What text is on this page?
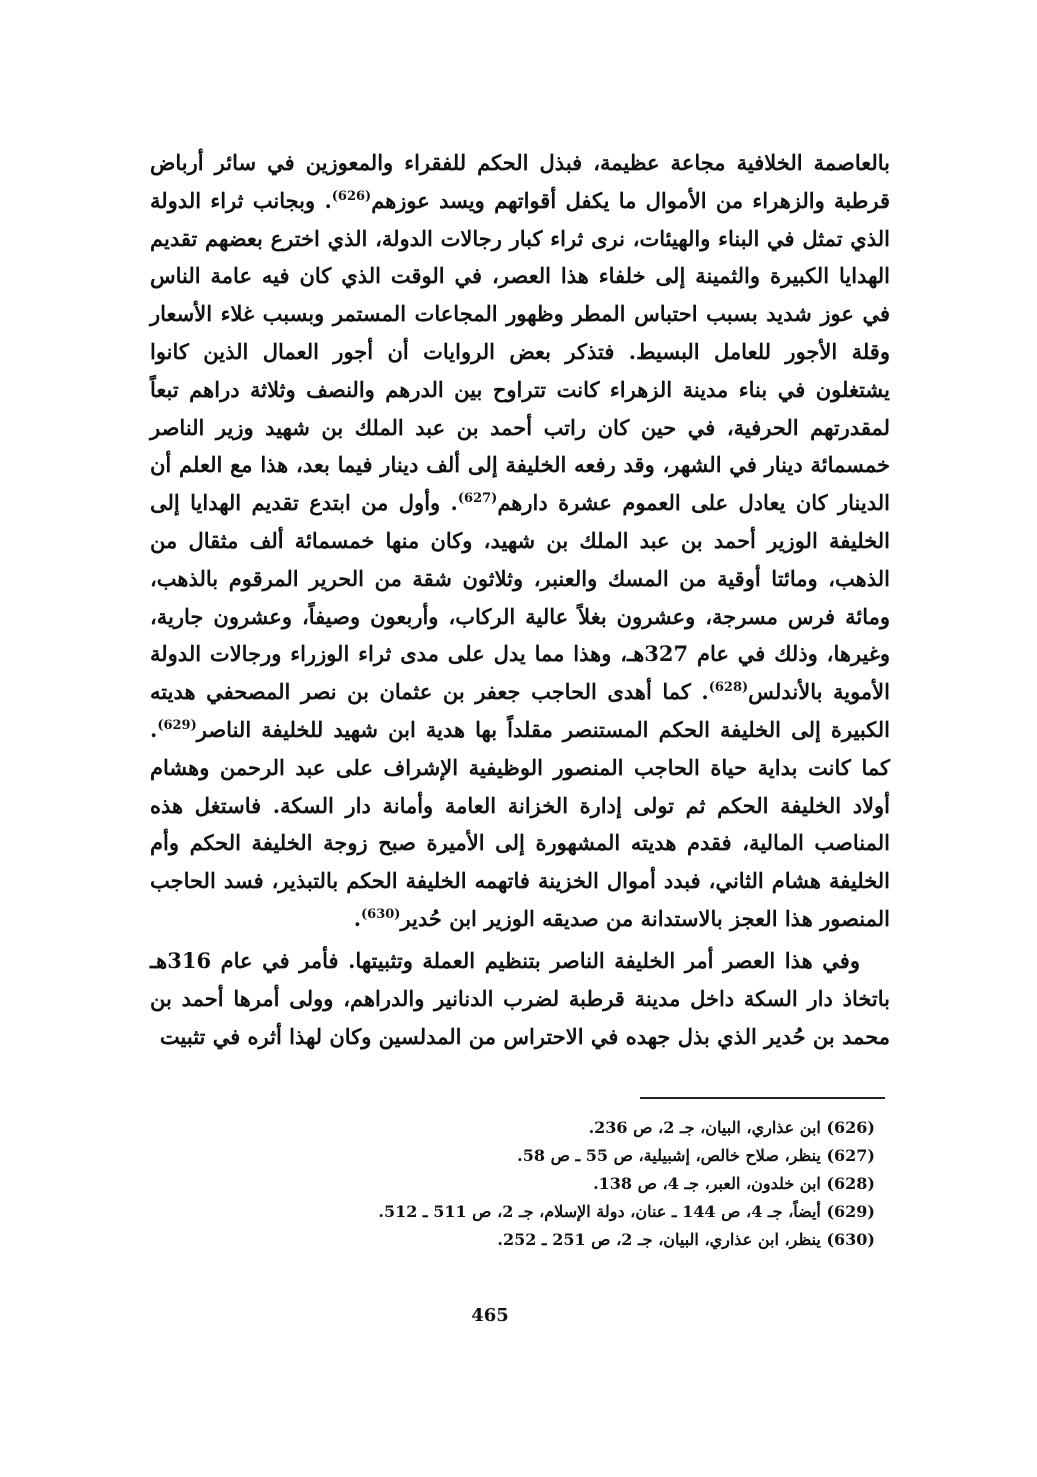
بالعاصمة الخلافية مجاعة عظيمة، فبذل الحكم للفقراء والمعوزين في سائر أرباض قرطبة والزهراء من الأموال ما يكفل أقواتهم ويسد عوزهم$^{(626)}$. وبجانب ثراء الدولة الذي تمثل في البناء والهيئات، نرى ثراء كبار رجالات الدولة، الذي اخترع بعضهم تقديم الهدايا الكبيرة والثمينة إلى خلفاء هذا العصر، في الوقت الذي كان فيه عامة الناس في عوز شديد بسبب احتباس المطر وظهور المجاعات المستمر وبسبب غلاء الأسعار وقلة الأجور للعامل البسيط. فتذكر بعض الروايات أن أجور العمال الذين كانوا يشتغلون في بناء مدينة الزهراء كانت تتراوح بين الدرهم والنصف وثلاثة دراهم تبعاً لمقدرتهم الحرفية، في حين كان راتب أحمد بن عبد الملك بن شهيد وزير الناصر خمسمائة دينار في الشهر، وقد رفعه الخليفة إلى ألف دينار فيما بعد، هذا مع العلم أن الدينار كان يعادل على العموم عشرة دارهم$^{(627)}$. وأول من ابتدع تقديم الهدايا إلى الخليفة الوزير أحمد بن عبد الملك بن شهيد، وكان منها خمسمائة ألف مثقال من الذهب، ومائتا أوقية من المسك والعنبر، وثلاثون شقة من الحرير المرقوم بالذهب، ومائة فرس مسرجة، وعشرون بغلاً عالية الركاب، وأربعون وصيفاً، وعشرون جارية، وغيرها، وذلك في عام 327هـ، وهذا مما يدل على مدى ثراء الوزراء ورجالات الدولة الأموية بالأندلس$^{(628)}$. كما أهدى الحاجب جعفر بن عثمان بن نصر المصحفي هديته الكبيرة إلى الخليفة الحكم المستنصر مقلداً بها هدية ابن شهيد للخليفة الناصر$^{(629)}$. كما كانت بداية حياة الحاجب المنصور الوظيفية الإشراف على عبد الرحمن وهشام أولاد الخليفة الحكم ثم تولى إدارة الخزانة العامة وأمانة دار السكة. فاستغل هذه المناصب المالية، فقدم هديته المشهورة إلى الأميرة صبح زوجة الخليفة الحكم وأم الخليفة هشام الثاني، فبدد أموال الخزينة فاتهمه الخليفة الحكم بالتبذير، فسد الحاجب المنصور هذا العجز بالاستدانة من صديقه الوزير ابن حُدير$^{(630)}$.

وفي هذا العصر أمر الخليفة الناصر بتنظيم العملة وتثبيتها. فأمر في عام 316هـ باتخاذ دار السكة داخل مدينة قرطبة لضرب الدنانير والدراهم، وولى أمرها أحمد بن محمد بن حُدير الذي بذل جهده في الاحتراس من المدلسين وكان لهذا أثره في تثبيت

(626) ابن عذاري، البيان، جـ 2، ص 236.

(627) ينظر، صلاح خالص، إشبيلية، ص 55 ـ ص 58.

(628) ابن خلدون، العبر، جـ 4، ص 138.

(629) أيضاً، جـ 4، ص 144 ـ عنان، دولة الإسلام، جـ 2، ص 511 ـ 512.

(630) ينظر، ابن عذاري، البيان، جـ 2، ص 251 ـ 252.

465
